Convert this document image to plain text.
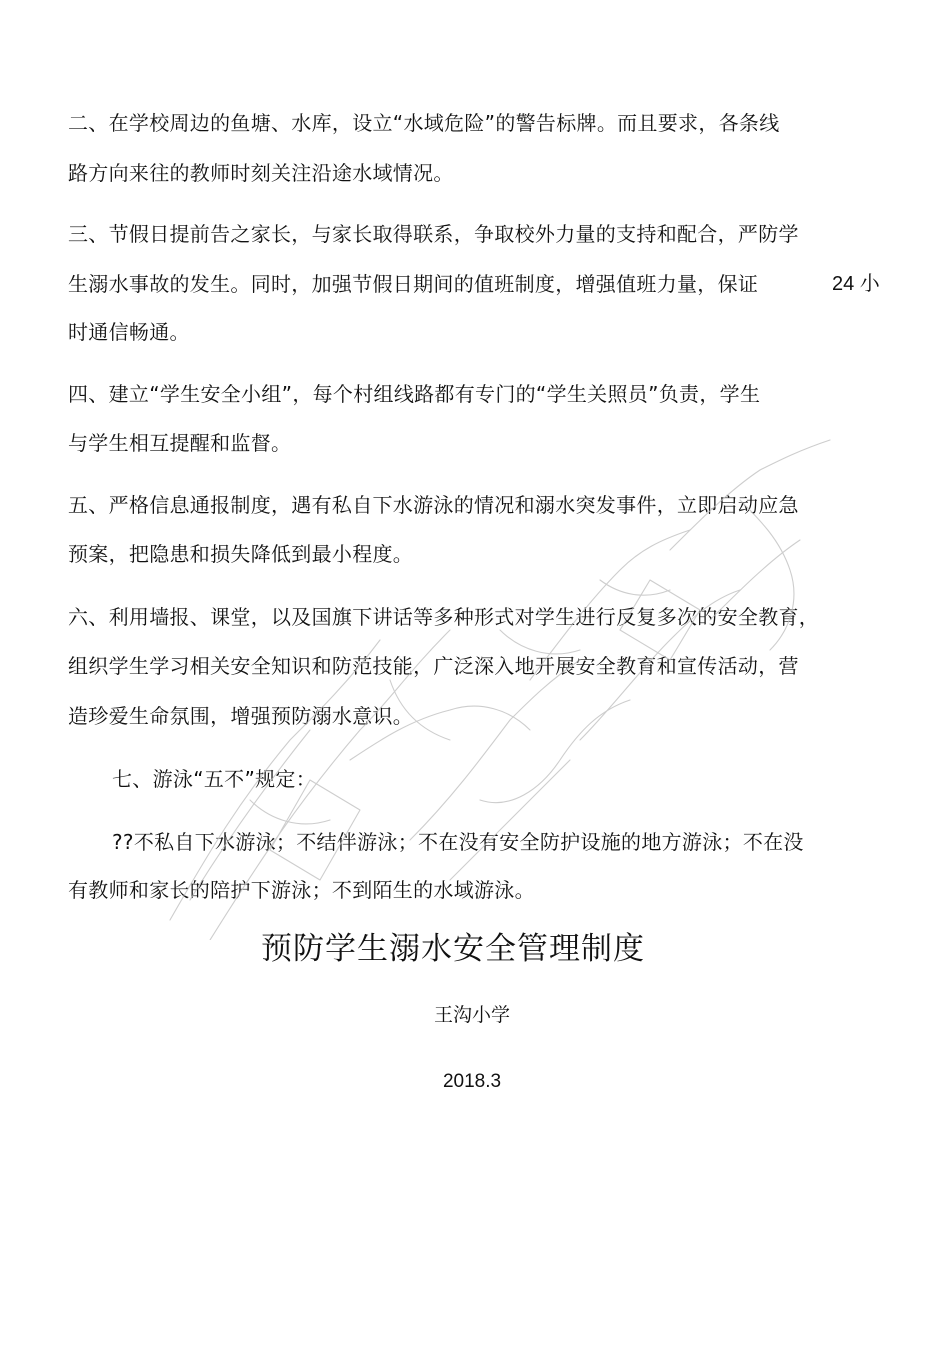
二、在学校周边的鱼塘、水库，设立“水域危险”的警告标牌。而且要求，各条线
路方向来往的教师时刻关注沿途水域情况。
三、节假日提前告之家长，与家长取得联系，争取校外力量的支持和配合，严防学
生溺水事故的发生。同时，加强节假日期间的值班制度，增强值班力量，保证	24 小
时通信畅通。
四、建立“学生安全小组”，每个村组线路都有专门的“学生关照员”负责，学生
与学生相互提醒和监督。
五、严格信息通报制度，遇有私自下水游泳的情况和溺水突发事件，立即启动应急
预案，把隐患和损失降低到最小程度。
六、利用墙报、课堂，以及国旗下讲话等多种形式对学生进行反复多次的安全教育，
组织学生学习相关安全知识和防范技能，广泛深入地开展安全教育和宣传活动，营
造珍爱生命氛围，增强预防溺水意识。
七、游泳“五不”规定：
??不私自下水游泳；不结伴游泳；不在没有安全防护设施的地方游泳；不在没
有教师和家长的陪护下游泳；不到陌生的水域游泳。
预防学生溺水安全管理制度
王沟小学
2018.3
